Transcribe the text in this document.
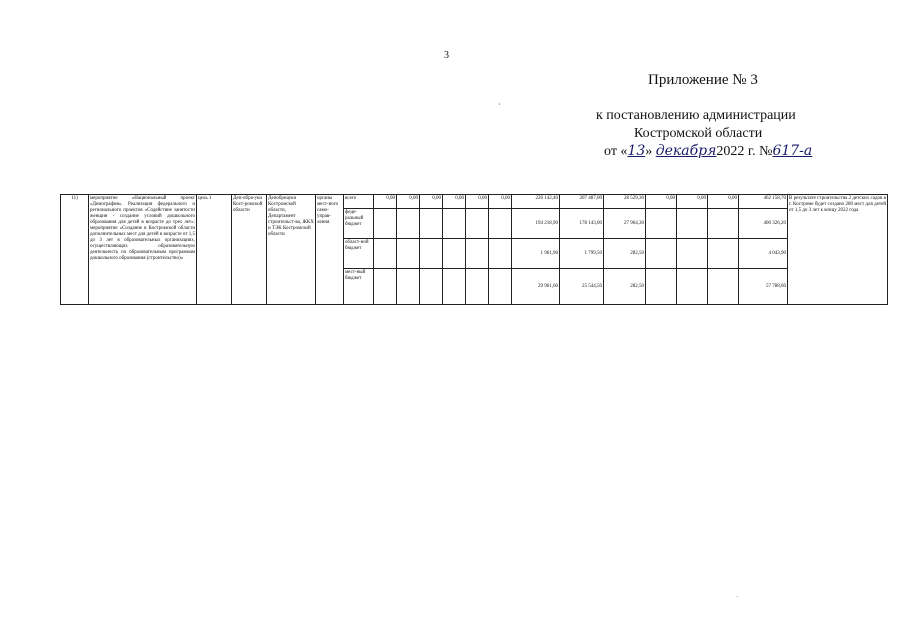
3
Приложение № 3
·
к постановлению администрации
Костромской области
от «13» декабря2022 г. №617-а
11)	мероприятие «Национальный проект «Демография». Реализация федерального и регионального проектов «Содействие занятости женщин - создание условий дошкольного образования для детей в возрасте до трех лет»: мероприятие «Создание в Костромской области дополнительных мест для детей в возрасте от 1,5 до 3 лет в образовательных организациях, осуществляющих образовательную деятельность по образовательным программам дошкольного образования (строительство)»	цель 1	Деп-обра-уки Кост-ромской области	Депобрнауки Костромской области, Департамент строительст-ва, ЖКХ и ТЭК Костромской области	органы мест-ного само-управ-ления	всего	0,00	0,00	0,00	0,00	0,00	0,00	226 142,40	207 487,00	28 529,30	0,00	0,00	0,00	462 158,70	В результате строительства 2 детских садов в г. Костроме будет создано 280 мест для детей от 1,5 до 3 лет к концу 2022 года
						феде-ральный бюджет							194 218,90	178 143,00	27 964,30				400 326,20	
						област-ной бюджет							1 961,90	1 799,50	282,50				4 043,90	
						мест-ный бюджет							29 961,60	25 544,50	282,50				57 788,60	
.
